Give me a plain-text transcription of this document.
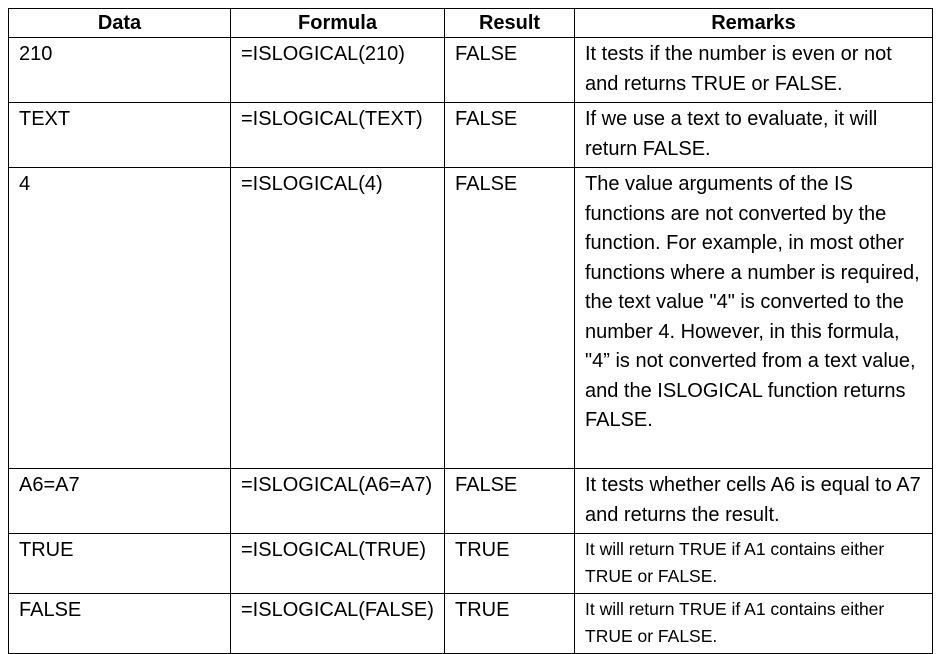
Data	Formula	Result	Remarks
210	=ISLOGICAL(210)	FALSE	It tests if the number is even or not and returns TRUE or FALSE.
TEXT	=ISLOGICAL(TEXT)	FALSE	If we use a text to evaluate, it will return FALSE.
4	=ISLOGICAL(4)	FALSE	The value arguments of the IS functions are not converted by the function. For example, in most other functions where a number is required, the text value "4" is converted to the number 4. However, in this formula, "4” is not converted from a text value, and the ISLOGICAL function returns FALSE.
A6=A7	=ISLOGICAL(A6=A7)	FALSE	It tests whether cells A6 is equal to A7 and returns the result.
TRUE	=ISLOGICAL(TRUE)	TRUE	It will return TRUE if A1 contains either TRUE or FALSE.
FALSE	=ISLOGICAL(FALSE)	TRUE	It will return TRUE if A1 contains either TRUE or FALSE.
